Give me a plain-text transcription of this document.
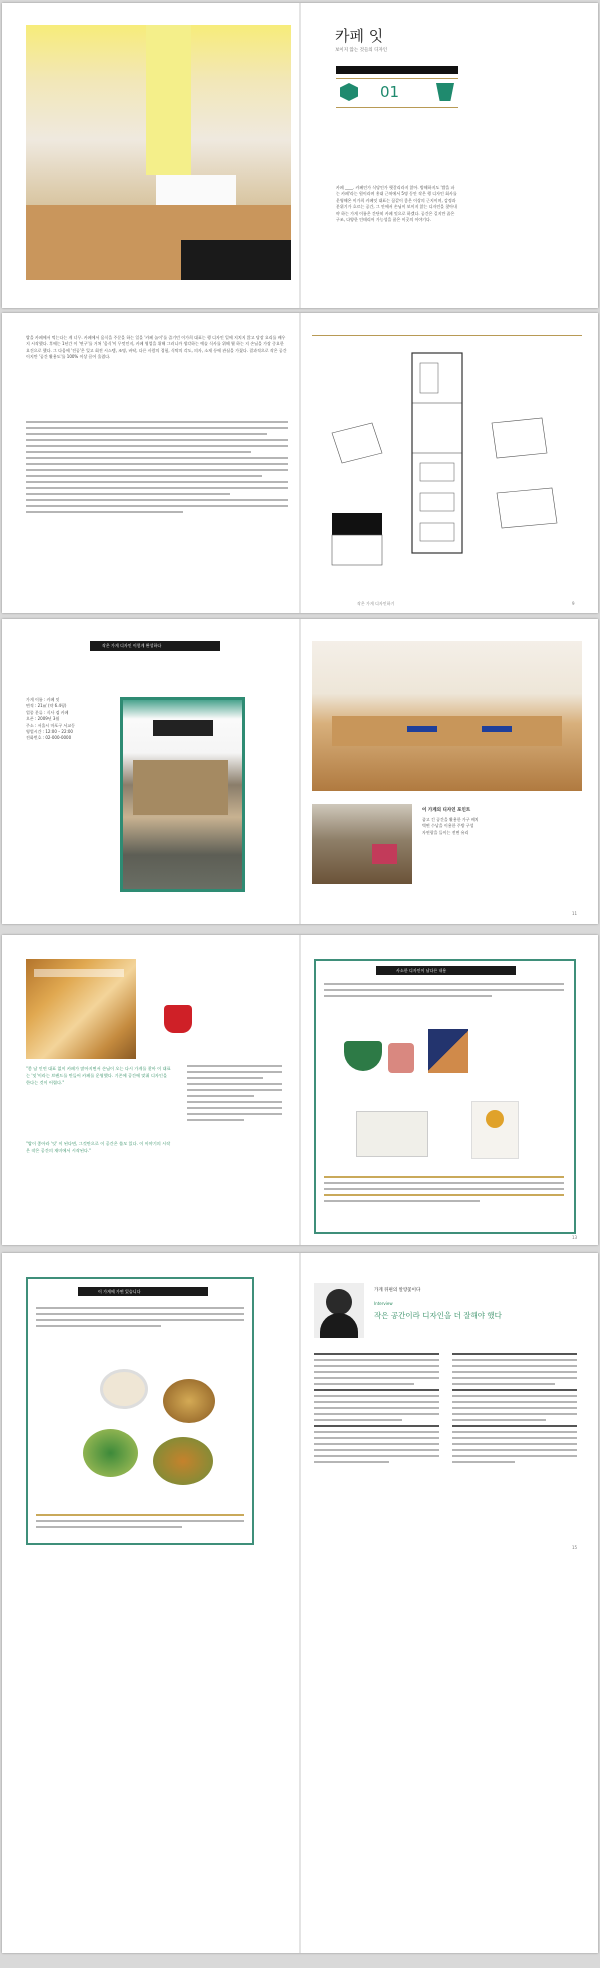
카페 잇
보이지 않는 것들의 디자인
01
카페 ____. 카페인가 식당인가 헷갈리라지 않아. 방해하지도 '밥을 파는 카페'라는 원이라며 홍대 근처에서 5명 동안 작은 행 디자인 회사를 운영해온 이가희 카페잇 대표는 꿈같이 좋은 이상의 근지이며, 감정과 분위기가 흐르는 공간, 그 안에서 손님이 보이지 않는 디자인을 찾아내야 하는 가게 이름은 간단히 카페 잇으로 하겠다. 공간은 길지만 좁은 구조, 다양한 인테리어 가능성을 품은 이곳의 이야기다.
밥을 카페에서 먹는다는 게 너무. 카페에서 음식을 주문을 하는 일을 '카페 놀이'를 즐기던 이가희 대표는 행 디자인 일에 지치지 않고 당장 요리를 배우지 시작했다. 후에는 1년간 이 '연구'를 거쳐 '음식'이 무엇인지, 카페 영업을 위해 그러니까 생각하는 예술 식사를 위해 뭘 하는 지 손님을 가장 중요한 요건으로 했다. 그 다음에 '전공'은 잊고 회전 시스템, 조명, 바닥, 다른 사람의 경험, 식탁의 각도, 의자, 소재 등에 관심을 가졌다. 결과적으로 작은 공간이지만 '공간 활용도'를 100% 이상 끌어 올렸다.
작은 가게 디자인하기	9
작은 가게 디자인 이렇게 완성하다
가게 이름 : 카페 잇
면적 : 21㎡ (약 6.4평)
업종 분류 : 식사 겸 카페
오픈 : 2009년 3월
주소 : 서울시 마포구 서교동
영업시간 : 12:00 – 22:00
전화번호 : 02-000-0000
이 가게의 디자인 포인트
좁고 긴 공간을 활용한 가구 배치
벽면 수납을 이용한 주방 구성
자연광을 들이는 전면 유리
11
"좋 남 인연 대표 없이 카페가 많아지면서 손님이 오는 다시 가게를 찾아 이 대표는 '잇'이라는 브랜드를 만들어 카페를 운영했다. 기존에 공간에 맞춰 디자인을 한다는 것이 어렵다."
"밥이 좋아라 '잇' 이 된다면, 그것만으로 이 공간은 쓸모 있다. 이 이야기의 시작은 작은 공간의 재미에서 시작된다."
사소한 디자인이 남다른 내용
13
이 가게에 가면 있습니다	가게 뒤편의 알랑꽃이다
Interview
작은 공간이라 디자인을 더 잘해야 했다
15
